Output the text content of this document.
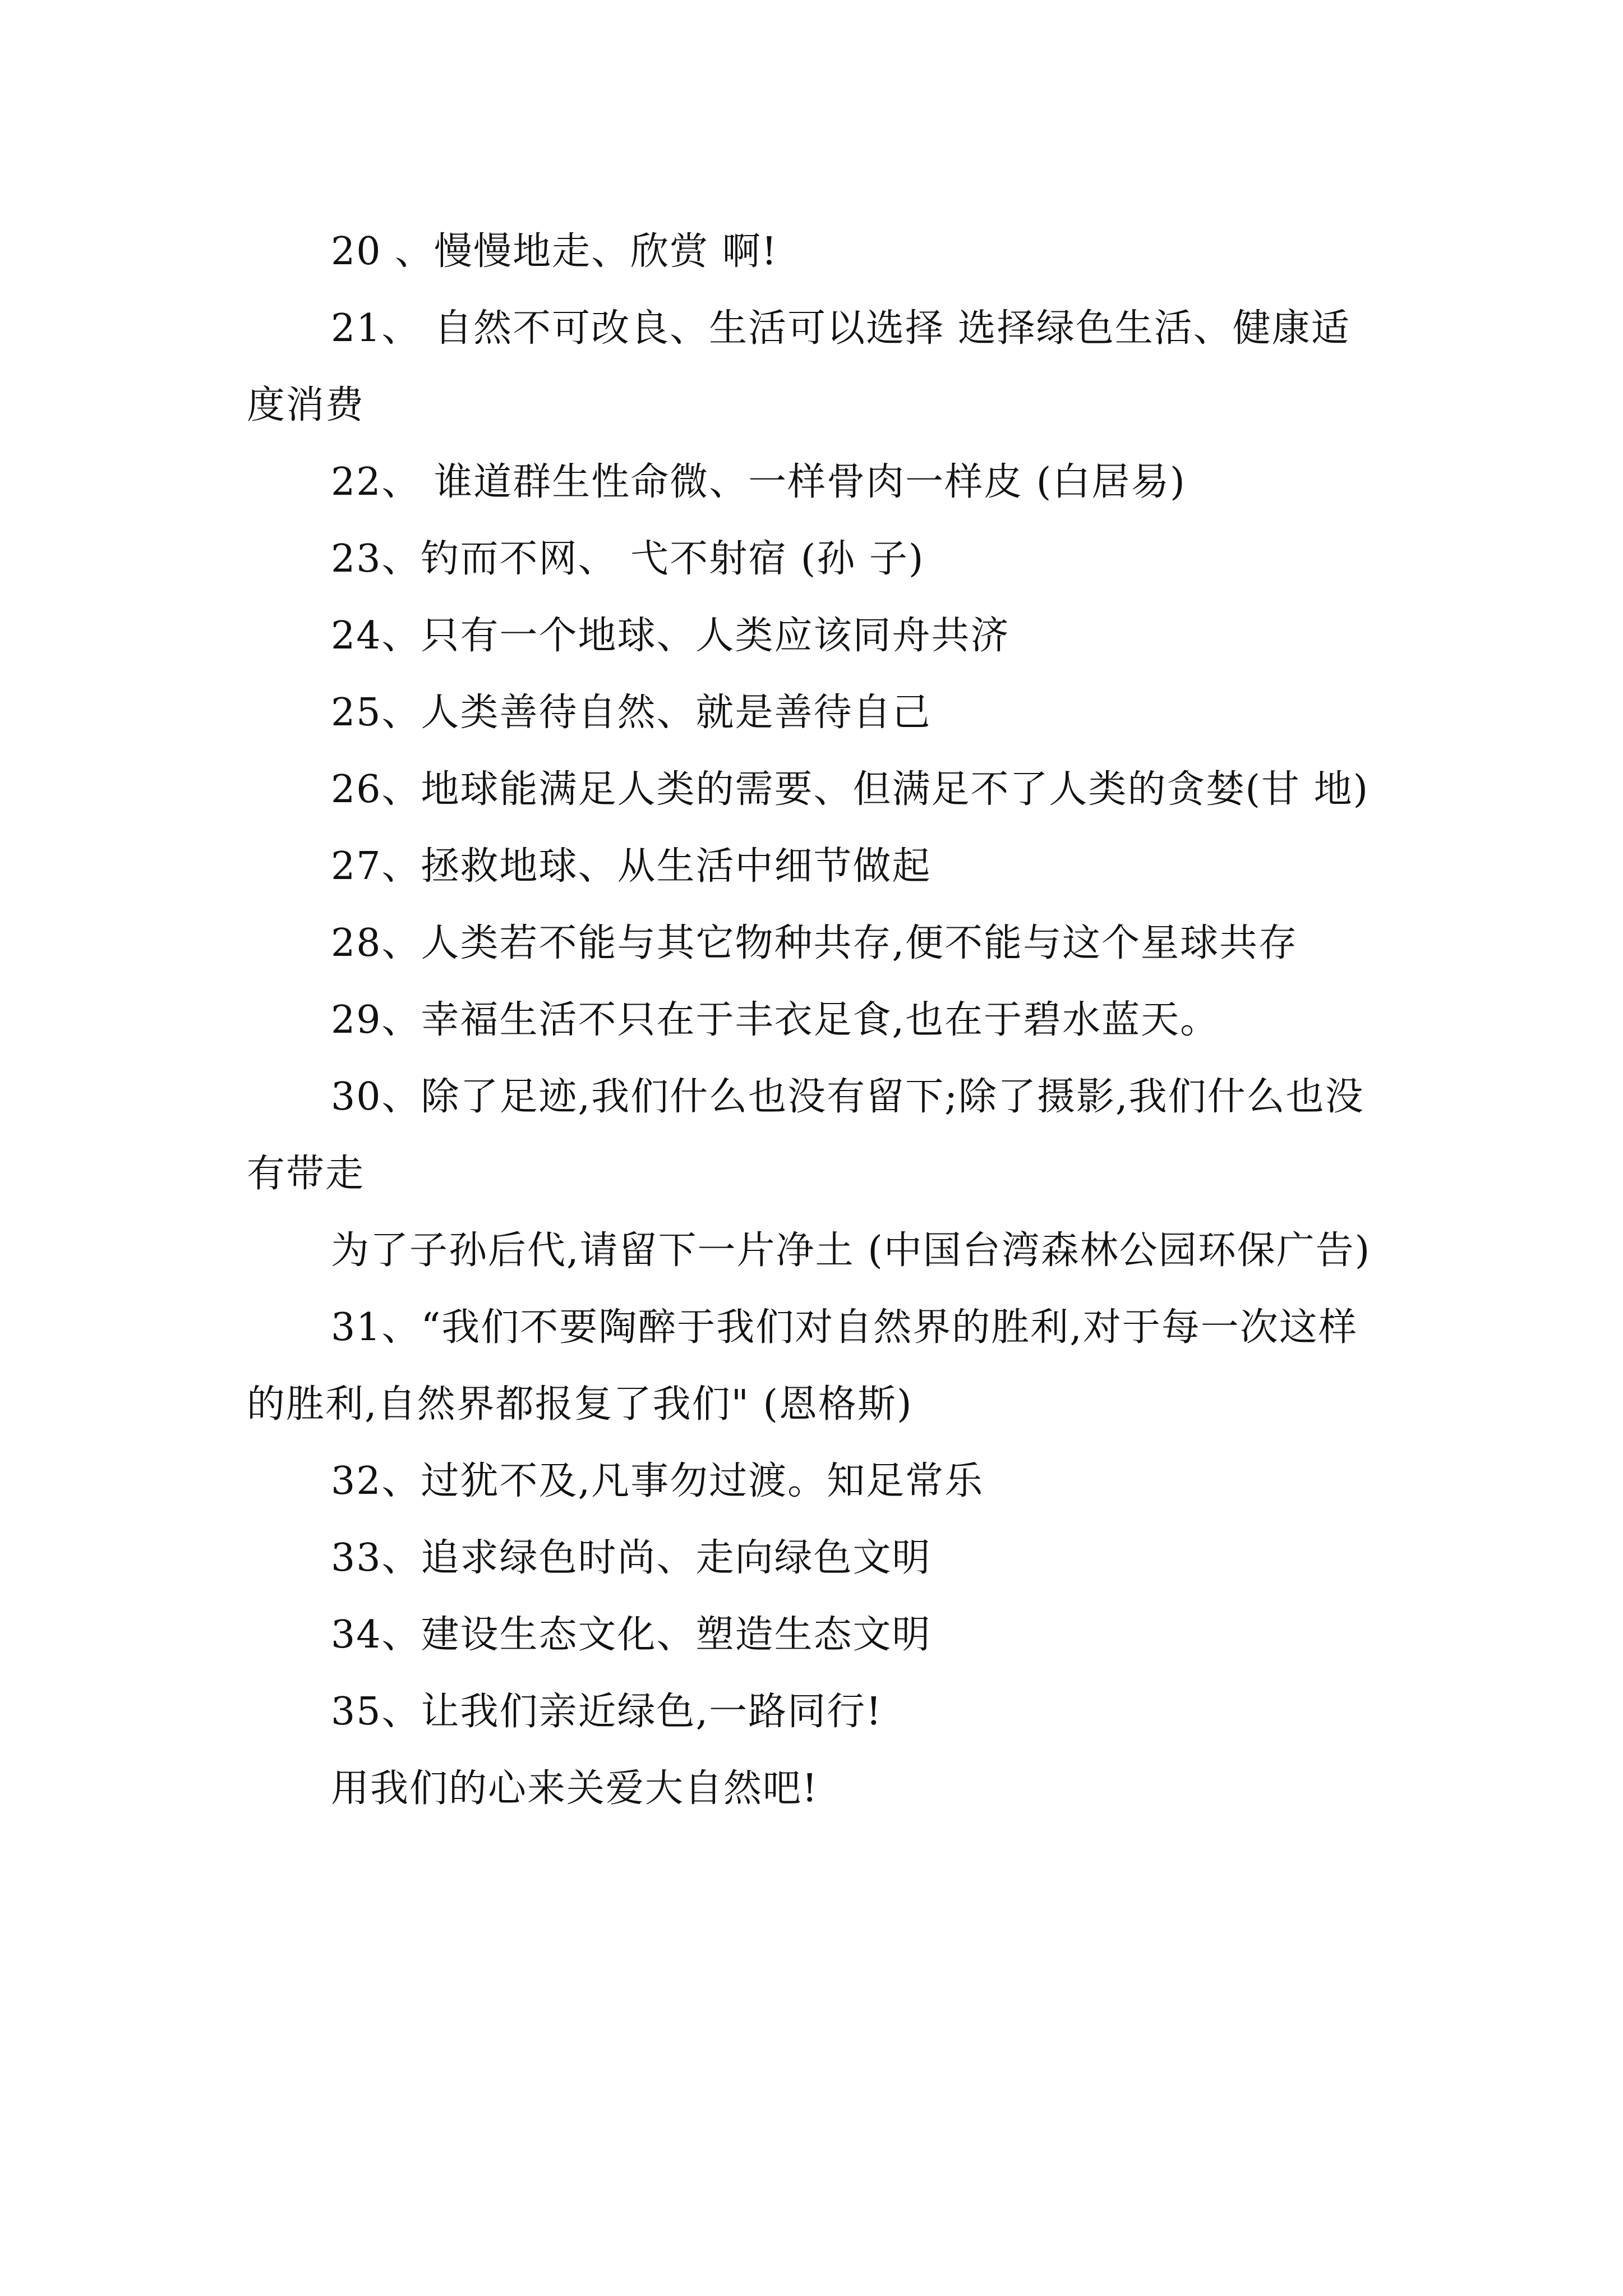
20 、慢慢地走、欣赏 啊!

21、 自然不可改良、生活可以选择 选择绿色生活、健康适度消费

22、 谁道群生性命微、一样骨肉一样皮 (白居易)

23、钓而不网、 弋不射宿 (孙 子)

24、只有一个地球、人类应该同舟共济

25、人类善待自然、就是善待自己

26、地球能满足人类的需要、但满足不了人类的贪婪(甘 地)

27、拯救地球、从生活中细节做起

28、人类若不能与其它物种共存,便不能与这个星球共存

29、幸福生活不只在于丰衣足食,也在于碧水蓝天。

30、除了足迹,我们什么也没有留下;除了摄影,我们什么也没有带走

为了子孙后代,请留下一片净土 (中国台湾森林公园环保广告)

31、“我们不要陶醉于我们对自然界的胜利,对于每一次这样的胜利,自然界都报复了我们" (恩格斯)

32、过犹不及,凡事勿过渡。知足常乐

33、追求绿色时尚、走向绿色文明

34、建设生态文化、塑造生态文明

35、让我们亲近绿色,一路同行!

用我们的心来关爱大自然吧!
